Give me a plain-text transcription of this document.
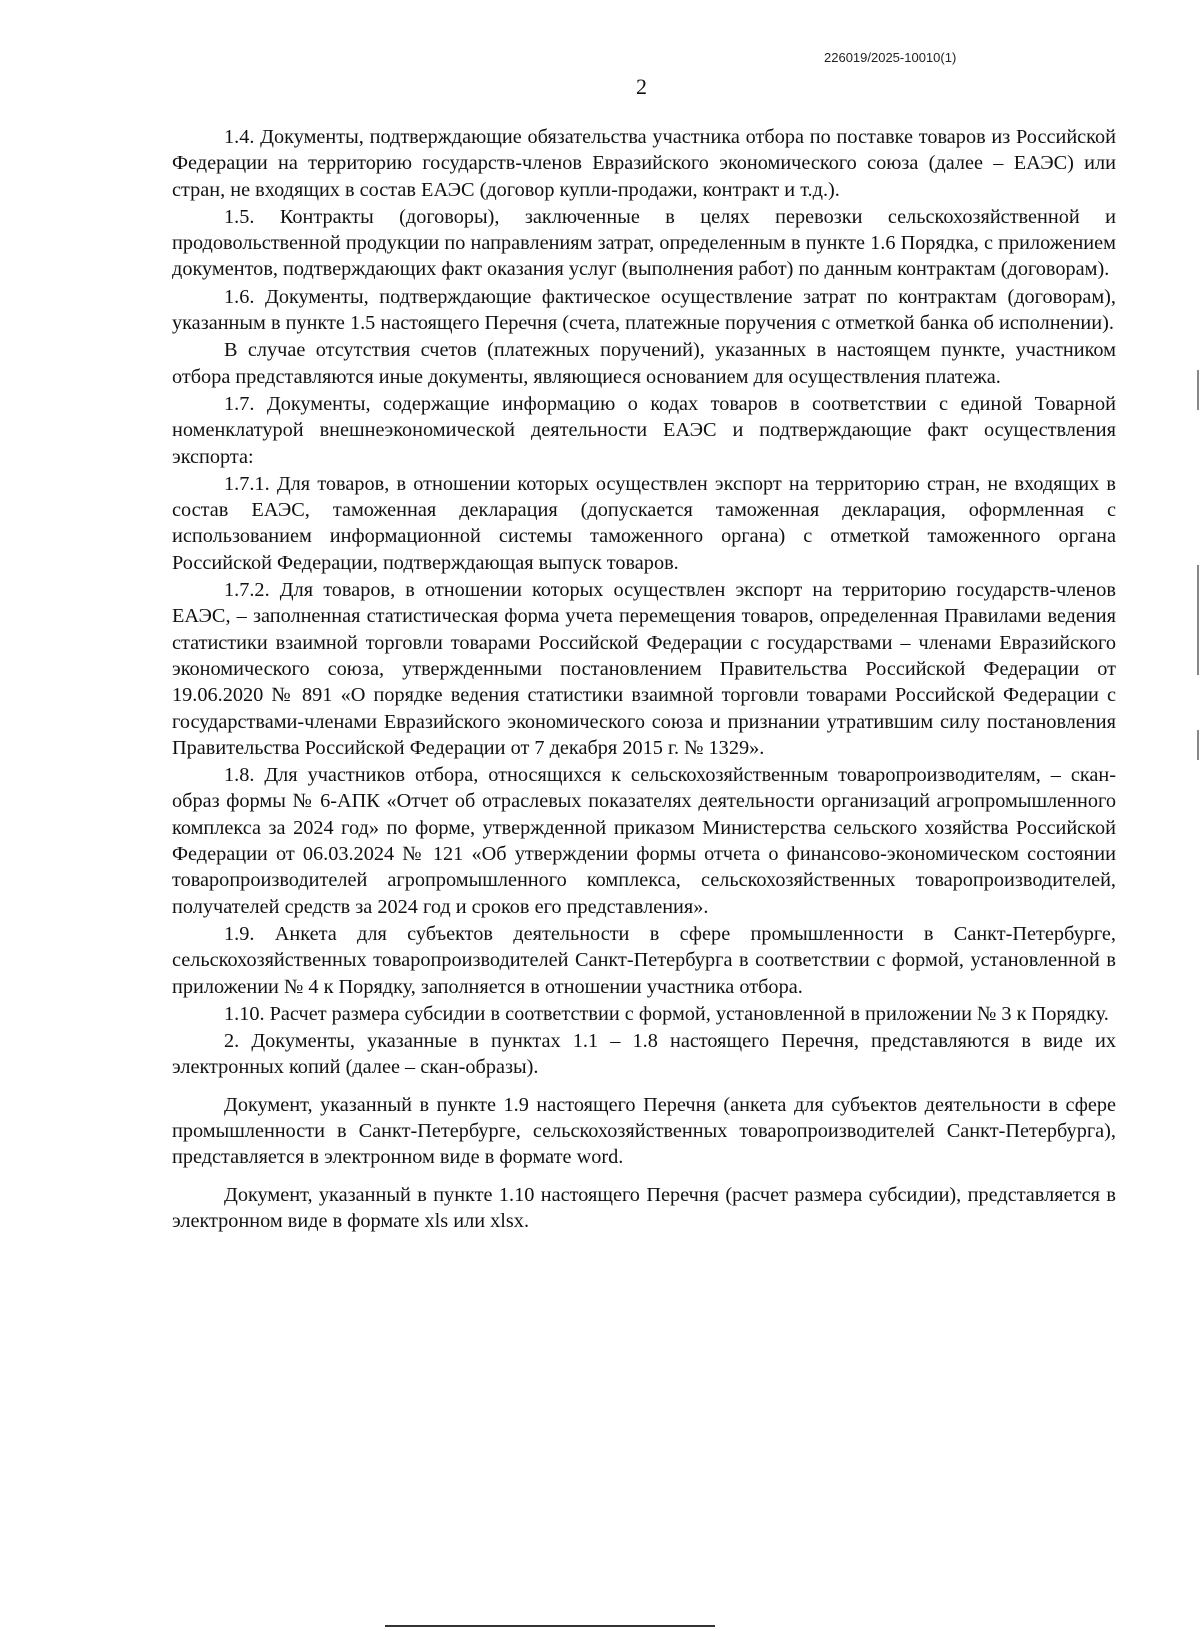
226019/2025-10010(1)
2

1.4. Документы, подтверждающие обязательства участника отбора по поставке товаров из Российской Федерации на территорию государств-членов Евразийского экономического союза (далее – ЕАЭС) или стран, не входящих в состав ЕАЭС (договор купли-продажи, контракт и т.д.).

1.5. Контракты (договоры), заключенные в целях перевозки сельскохозяйственной и продовольственной продукции по направлениям затрат, определенным в пункте 1.6 Порядка, с приложением документов, подтверждающих факт оказания услуг (выполнения работ) по данным контрактам (договорам).

1.6. Документы, подтверждающие фактическое осуществление затрат по контрактам (договорам), указанным в пункте 1.5 настоящего Перечня (счета, платежные поручения с отметкой банка об исполнении).

В случае отсутствия счетов (платежных поручений), указанных в настоящем пункте, участником отбора представляются иные документы, являющиеся основанием для осуществления платежа.

1.7. Документы, содержащие информацию о кодах товаров в соответствии с единой Товарной номенклатурой внешнеэкономической деятельности ЕАЭС и подтверждающие факт осуществления экспорта:

1.7.1. Для товаров, в отношении которых осуществлен экспорт на территорию стран, не входящих в состав ЕАЭС, таможенная декларация (допускается таможенная декларация, оформленная с использованием информационной системы таможенного органа) с отметкой таможенного органа Российской Федерации, подтверждающая выпуск товаров.

1.7.2. Для товаров, в отношении которых осуществлен экспорт на территорию государств-членов ЕАЭС, – заполненная статистическая форма учета перемещения товаров, определенная Правилами ведения статистики взаимной торговли товарами Российской Федерации с государствами – членами Евразийского экономического союза, утвержденными постановлением Правительства Российской Федерации от 19.06.2020 № 891 «О порядке ведения статистики взаимной торговли товарами Российской Федерации с государствами-членами Евразийского экономического союза и признании утратившим силу постановления Правительства Российской Федерации от 7 декабря 2015 г. № 1329».

1.8. Для участников отбора, относящихся к сельскохозяйственным товаропроизводителям, – скан-образ формы № 6-АПК «Отчет об отраслевых показателях деятельности организаций агропромышленного комплекса за 2024 год» по форме, утвержденной приказом Министерства сельского хозяйства Российской Федерации от 06.03.2024 № 121 «Об утверждении формы отчета о финансово-экономическом состоянии товаропроизводителей агропромышленного комплекса, сельскохозяйственных товаропроизводителей, получателей средств за 2024 год и сроков его представления».

1.9. Анкета для субъектов деятельности в сфере промышленности в Санкт-Петербурге, сельскохозяйственных товаропроизводителей Санкт-Петербурга в соответствии с формой, установленной в приложении № 4 к Порядку, заполняется в отношении участника отбора.

1.10. Расчет размера субсидии в соответствии с формой, установленной в приложении № 3 к Порядку.

2. Документы, указанные в пунктах 1.1 – 1.8 настоящего Перечня, представляются в виде их электронных копий (далее – скан-образы).

Документ, указанный в пункте 1.9 настоящего Перечня (анкета для субъектов деятельности в сфере промышленности в Санкт-Петербурге, сельскохозяйственных товаропроизводителей Санкт-Петербурга), представляется в электронном виде в формате word.

Документ, указанный в пункте 1.10 настоящего Перечня (расчет размера субсидии), представляется в электронном виде в формате xls или xlsx.
